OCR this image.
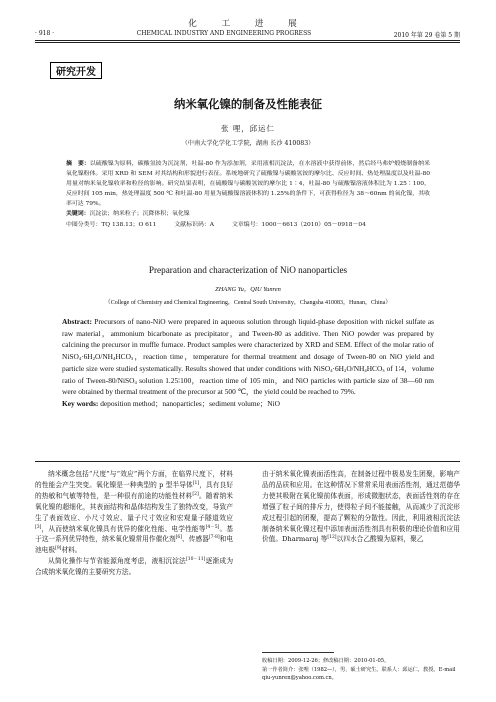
化 工 进 展
· 918 ·	CHEMICAL INDUSTRY AND ENGINEERING PROGRESS	2010 年第 29 卷第 5 期
研究开发
纳米氧化镍的制备及性能表征
张 哩，邱运仁
（中南大学化学化工学院，湖南 长沙 410083）
摘　要：以硫酸镍为原料，碳酸氢铵为沉淀剂，吐温-80 作为添加剂，采用液相沉淀法，在水溶液中获得前体，然后经马弗炉煅烧制备纳米氧化镍粉体。采用 XRD 和 SEM 对其结构和形貌进行表征。系统地研究了硫酸镍与碳酸氢铵的摩尔比、反应时间、热处理温度以及吐温-80 用量对纳米氧化镍收率和粒径的影响。研究结果表明，在硫酸镍与碳酸氢铵的摩尔比 1∶4，吐温-80 与硫酸镍溶液体积比为 1.25∶100，反应时间 105 min，热处理温度 500 ℃ 和吐温-80 用量为硫酸镍溶液体积的 1.25%的条件下，可获得粒径为 38～60nm 的氧化镍，其收率可达 79%。
关键词：沉淀法；纳米粒子；沉降体积；氧化镍
中图分类号：TQ 138.13；O 611	文献标识码：A	文章编号：1000－6613（2010）05－0918－04
Preparation and characterization of NiO nanoparticles
ZHANG Yu，QIU Yunren
（College of Chemistry and Chemical Engineering，Central South University，Changsha 410083，Hunan，China）
Abstract: Precursors of nano-NiO were prepared in aqueous solution through liquid-phase deposition with nickel sulfate as raw material，ammonium bicarbonate as precipitator，and Tween-80 as additive. Then NiO powder was prepared by calcining the precursor in muffle furnace. Product samples were characterized by XRD and SEM. Effect of the molar ratio of $NiSO_4\cdot 6H_2O/NH_4HCO_3$，reaction time，temperature for thermal treatment and dosage of Tween-80 on NiO yield and particle size were studied systematically. Results showed that under conditions with $NiSO_4\cdot 6H_2O/NH_4HCO_3$ of 1∶4，volume ratio of Tween-80/NiSO$_4$ solution 1.25∶100，reaction time of 105 min，and NiO particles with particle size of 38—60 nm were obtained by thermal treatment of the precursor at 500 ℃，the yield could be reached to 79%.
Key words: deposition method；nanoparticles；sediment volume；NiO

纳米概念包括“尺度”与“效应”两个方面，在临界尺度下，材料的性能会产生突变。氧化镍是一种典型的 p 型半导体[1]，具有良好的热敏和气敏等特性，是一种很有前途的功能性材料[2]。随着纳米氧化镍的超细化，其表面结构和晶体结构发生了独特改变，导致产生了表面效应、小尺寸效应、量子尺寸效应和宏观量子隧道效应[3]，从而使纳米氧化镍具有优异的催化性能、电学性能等[4－5]。基于这一系列优异特性，纳米氧化镍常用作催化剂[6]、传感器[7-8]和电池电极[9]材料。

从简化操作与节省能源角度考虑，液相沉淀法[10－11]逐渐成为合成纳米氧化镍的主要研究方法。

由于纳米氧化镍表面活性高，在制备过程中极易发生团聚，影响产品的品质和应用。在这种情况下常常采用表面活性剂，通过范德华力使其吸附在氧化镍前体表面，形成微胞状态，表面活性剂的存在增强了粒子间的排斥力，使得粒子间不能接触，从而减少了沉淀形成过程引起的团聚，提高了颗粒的分散性。因此，利用液相沉淀法制备纳米氧化镍过程中添加表面活性剂具有积极的理论价值和应用价值。Dharmaraj 等[12]以四水合乙酸镍为原料，聚乙

收稿日期：2009-12-26；修改稿日期：2010-01-05。
第一作者简介：张哩（1982—），男，硕士研究生。联系人：邱运仁，教授。E-mail qiu-yunren@yahoo.com.cn。
